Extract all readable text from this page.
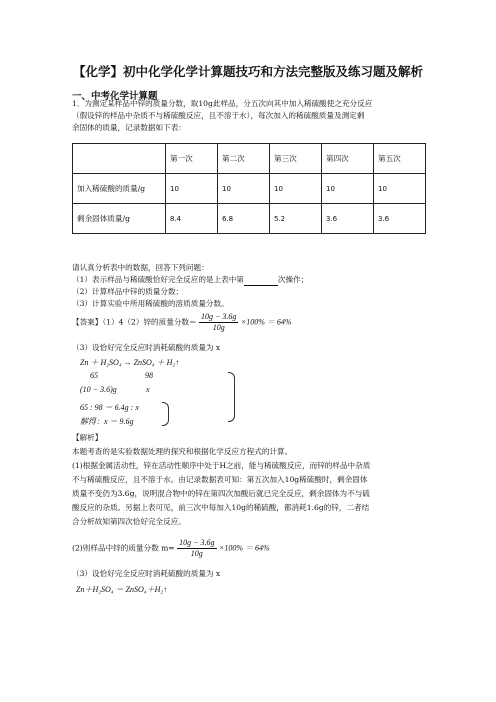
【化学】初中化学化学计算题技巧和方法完整版及练习题及解析
一、中考化学计算题
1．为测定某样品中锌的质量分数，取10g此样品，分五次向其中加入稀硫酸使之充分反应
（假设锌的样品中杂质不与稀硫酸反应，且不溶于水），每次加入的稀硫酸质量及测定剩
余固体的质量，记录数据如下表：
	第一次	第二次	第三次	第四次	第五次
加入稀硫酸的质量/g	10	10	10	10	10
剩余固体质量/g	8.4	6.8	5.2	3.6	3.6
请认真分析表中的数据，回答下列问题：
（1）表示样品与稀硫酸恰好完全反应的是上表中第	次操作；
（2）计算样品中锌的质量分数；
（3）计算实验中所用稀硫酸的溶质质量分数。
【答案】（1）4（2）锌的质量分数＝ $\frac{10g - 3.6g}{10g} \times 100\% = 64\%$
（3）设恰好完全反应时消耗硫酸的质量为 x
Zn ＋ H₂SO₄ → ZnSO₄ ＋ H₂↑
65	98
(10 − 3.6)g	x
65 : 98 ＝ 6.4g : x
解得：x ＝ 9.6g
【解析】
本题考查的是实验数据处理的探究和根据化学反应方程式的计算。
(1)根据金属活动性，锌在活动性顺序中处于H之前，能与稀硫酸反应，而锌的样品中杂质
不与稀硫酸反应，且不溶于水。由记录数据表可知：第五次加入10g稀硫酸时，剩余固体
质量不变仍为3.6g，说明混合物中的锌在第四次加酸后就已完全反应，剩余固体为不与硫
酸反应的杂质。另据上表可见，前三次中每加入10g的稀硫酸，都消耗1.6g的锌，二者结
合分析故知第四次恰好完全反应。
(2)则样品中锌的质量分数 $m= \frac{10g - 3.6g}{10g} \times 100\% = 64\%$
（3）设恰好完全反应时消耗硫酸的质量为 x
Zn＋H₂SO₄ ＝ ZnSO₄＋H₂↑
